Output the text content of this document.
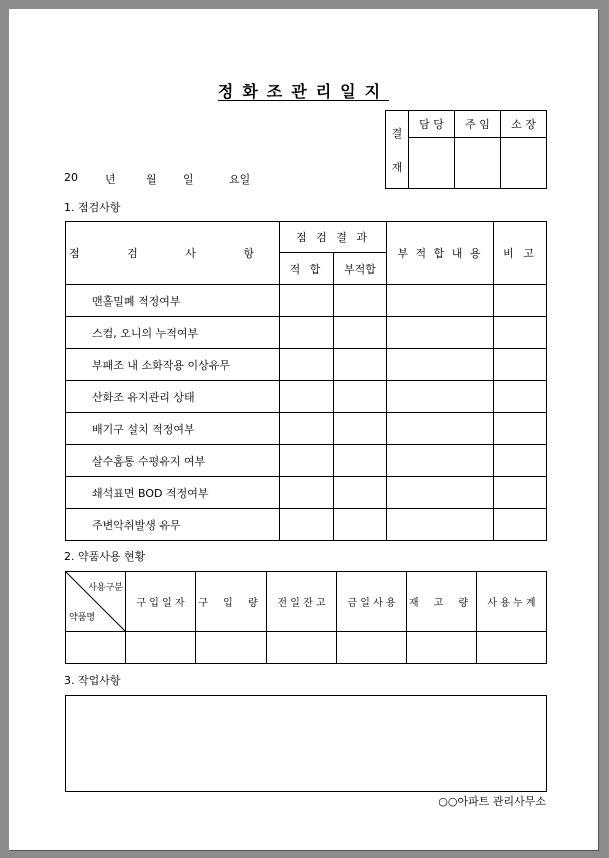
정화조관리일지
결
재	담 당	주 임	소 장

20 년	월 일	요일
1. 점검사항
점 검 사 항	점 검 결 과		부 적 합 내 용	비 고
	적 합	부적합		
맨홀밀폐 적정여부				
스컴, 오니의 누적여부				
부패조 내 소화작용 이상유무				
산화조 유지관리 상태				
배기구 설치 적정여부				
살수홈통 수평유지 여부				
쇄석표면 BOD 적정여부				
주변악취발생 유무				
2. 약품사용 현황
사용구분
약품명	구 입 일 자	구 입 량	전 일 잔 고	금 일 사 용	재 고 량	사 용 누 계

3. 작업사항
○○아파트 관리사무소
